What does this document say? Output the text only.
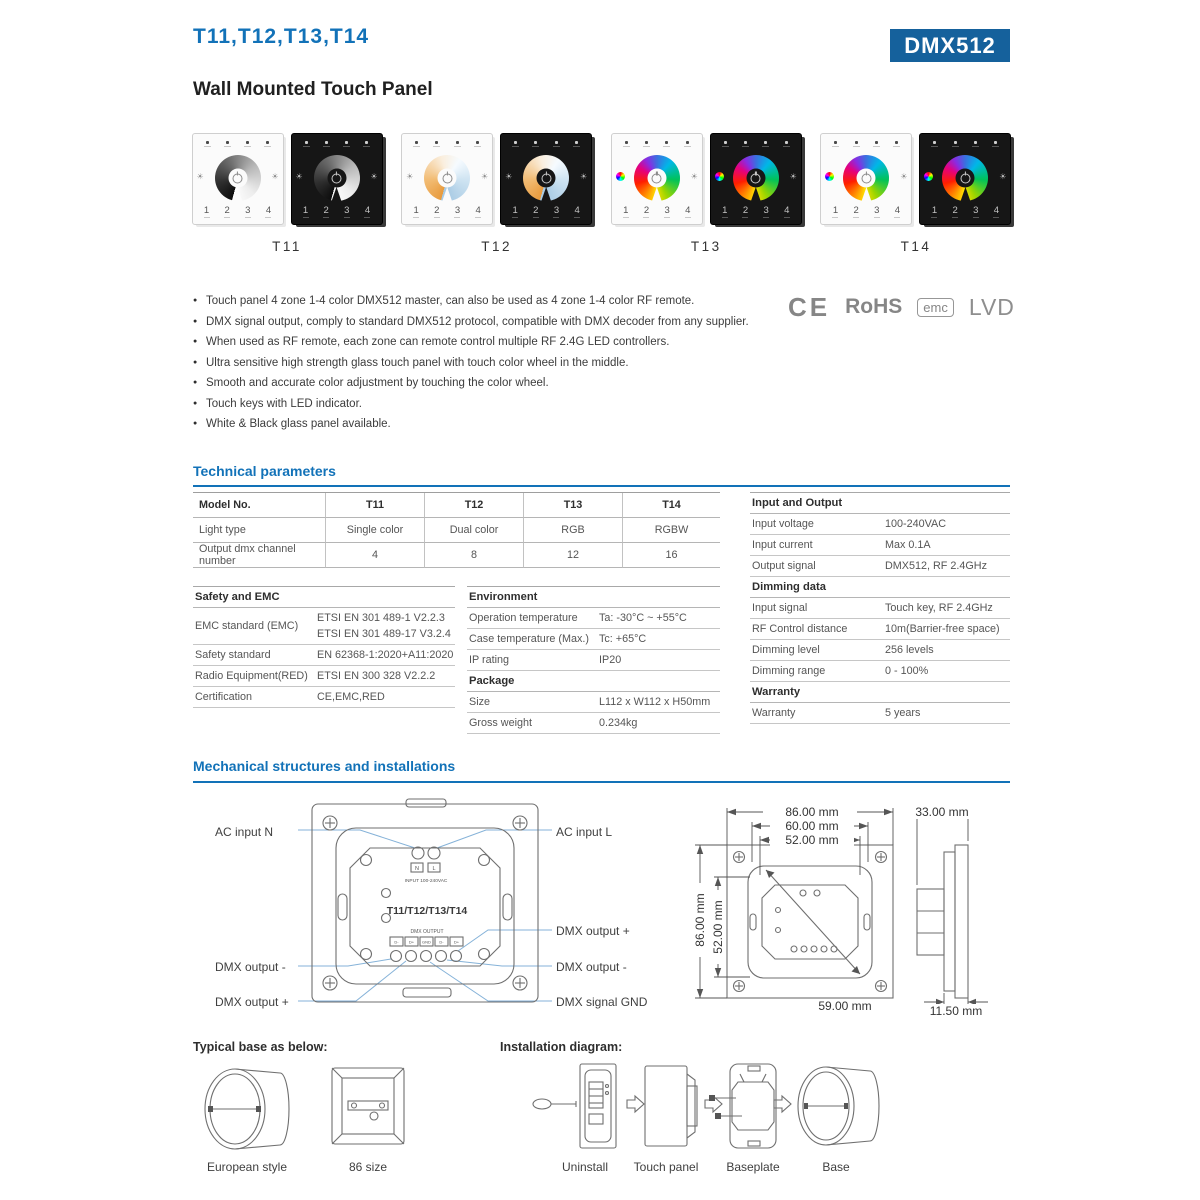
T11,T12,T13,T14	DMX512
Wall Mounted Touch Panel
☀	☀
1 2 3 4
☀	☀
1 2 3 4
T11
☀	☀
1 2 3 4
☀	☀
1 2 3 4
T12
☀
1 2 3 4
☀
1 2 3 4
T13
☀
1 2 3 4
☀
1 2 3 4
T14
● Touch panel 4 zone 1-4 color DMX512 master, can also be used as 4 zone 1-4 color RF remote.
● DMX signal output, comply to standard DMX512 protocol, compatible with DMX decoder from any supplier.
● When used as RF remote, each zone can remote control multiple RF 2.4G LED controllers.
● Ultra sensitive high strength glass touch panel with touch color wheel in the middle.
● Smooth and accurate color adjustment by touching the color wheel.
● Touch keys with LED indicator.
● White & Black glass panel available.
CE RoHS	emc LVD
Technical parameters
Model No.	T11	T12	T13	T14
Light type	Single color	Dual color	RGB	RGBW
Output dmx channel number	4	8	12	16
Input and Output
Input voltage	100-240VAC
Input current	Max 0.1A
Output signal	DMX512, RF 2.4GHz
Dimming data
Input signal	Touch key, RF 2.4GHz
RF Control distance	10m(Barrier-free space)
Dimming level	256 levels
Dimming range	0 - 100%
Warranty
Warranty	5 years
Safety and EMC
EMC standard (EMC)
ETSI EN 301 489-1 V2.2.3
ETSI EN 301 489-17 V3.2.4
Safety standard	EN 62368-1:2020+A11:2020
Radio Equipment(RED) ETSI EN 300 328 V2.2.2
Certification	CE,EMC,RED
Environment
Operation temperature	Ta: -30°C ~ +55°C
Case temperature (Max.) Tc: +65°C
IP rating	IP20
Package
Size	L112 x W112 x H50mm
Gross weight	0.234kg
Mechanical structures and installations
N L
INPUT 100-240VAC
T11/T12/T13/T14
DMX OUTPUT
D-	D+ GND D-	D+
AC input N	AC input L
DMX output +
DMX output -
DMX signal GND
DMX output -
DMX output +
86.00 mm
60.00 mm
52.00 mm
86.00 mm 52.00 mm
59.00 mm
33.00 mm
11.50 mm
Typical base as below:	Installation diagram:
European style	86 size	Uninstall	Touch panel	Baseplate	Base
